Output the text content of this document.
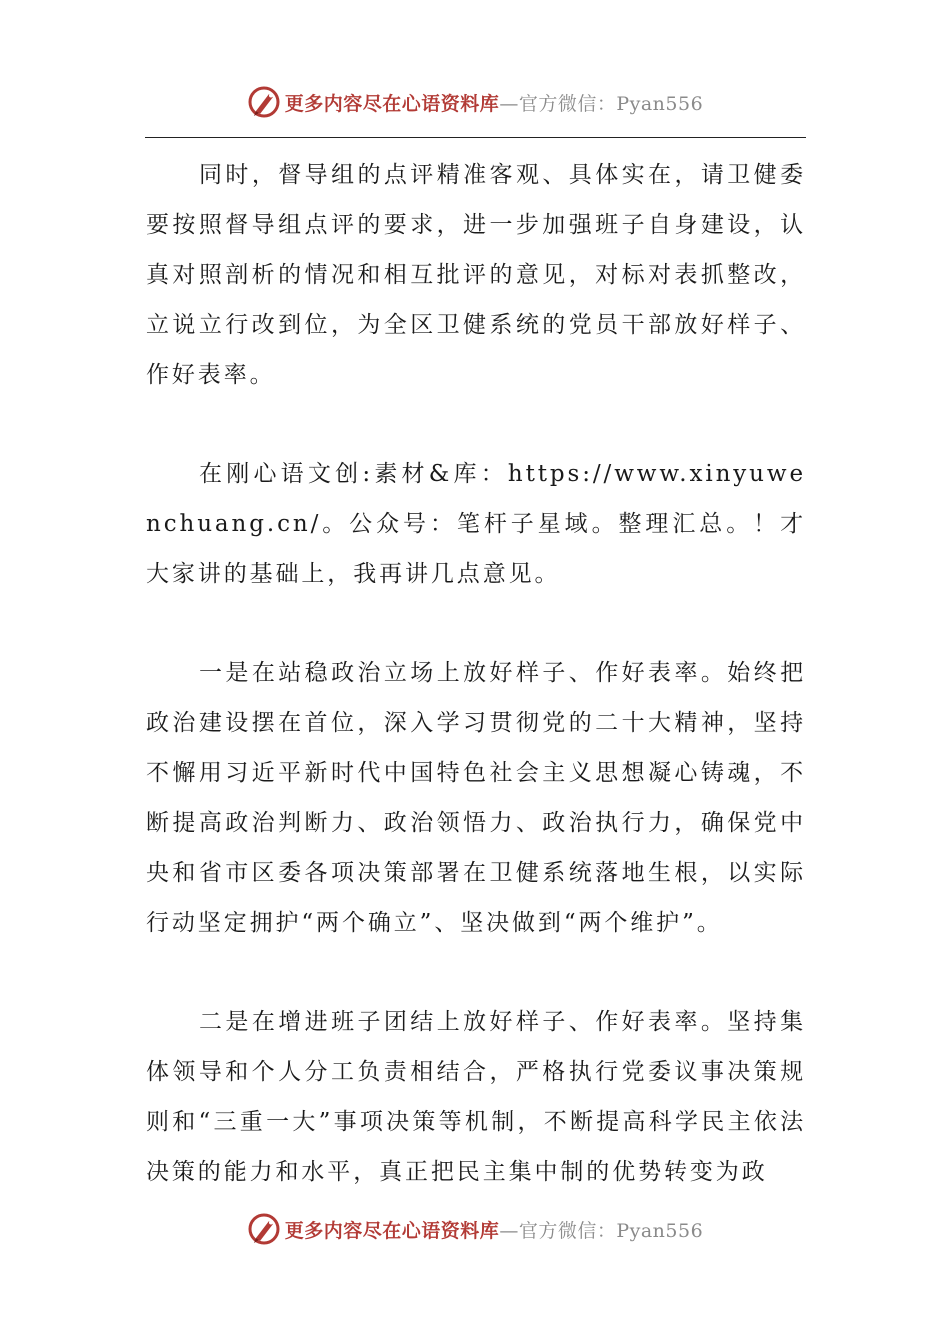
更多内容尽在心语资料库—官方微信：Pyan556

同时，督导组的点评精准客观、具体实在，请卫健委要按照督导组点评的要求，进一步加强班子自身建设，认真对照剖析的情况和相互批评的意见，对标对表抓整改，立说立行改到位，为全区卫健系统的党员干部放好样子、作好表率。

在刚心语文创:素材&库：https://www.xinyuwenchuang.cn/。公众号：笔杆子星域。整理汇总。！才大家讲的基础上，我再讲几点意见。

一是在站稳政治立场上放好样子、作好表率。始终把政治建设摆在首位，深入学习贯彻党的二十大精神，坚持不懈用习近平新时代中国特色社会主义思想凝心铸魂，不断提高政治判断力、政治领悟力、政治执行力，确保党中央和省市区委各项决策部署在卫健系统落地生根，以实际行动坚定拥护“两个确立”、坚决做到“两个维护”。

二是在增进班子团结上放好样子、作好表率。坚持集体领导和个人分工负责相结合，严格执行党委议事决策规则和“三重一大”事项决策等机制，不断提高科学民主依法决策的能力和水平，真正把民主集中制的优势转变为政

更多内容尽在心语资料库—官方微信：Pyan556
